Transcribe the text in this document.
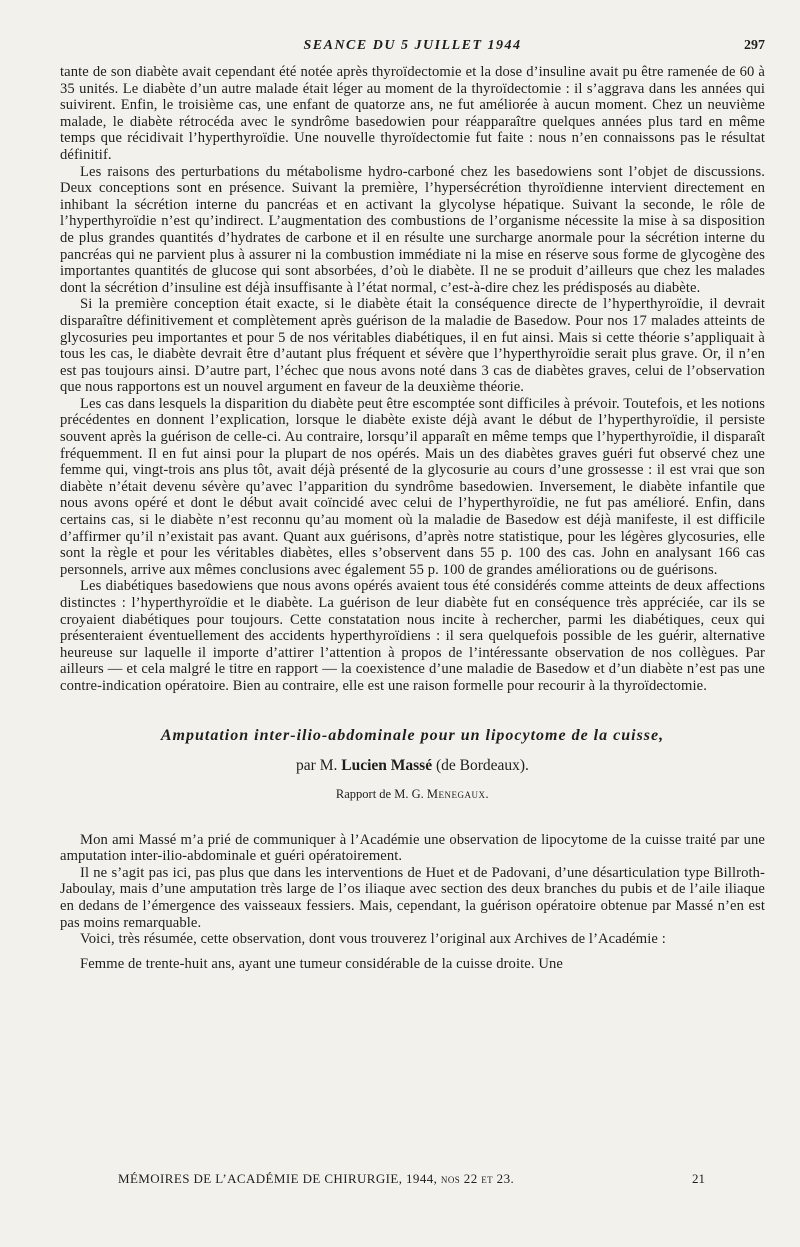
SEANCE DU 5 JUILLET 1944	297

tante de son diabète avait cependant été notée après thyroïdectomie et la dose d’insuline avait pu être ramenée de 60 à 35 unités. Le diabète d’un autre malade était léger au moment de la thyroïdectomie : il s’aggrava dans les années qui suivirent. Enfin, le troisième cas, une enfant de quatorze ans, ne fut améliorée à aucun moment. Chez un neuvième malade, le diabète rétrocéda avec le syndrôme basedowien pour réapparaître quelques années plus tard en même temps que récidivait l’hyperthyroïdie. Une nouvelle thyroïdectomie fut faite : nous n’en connaissons pas le résultat définitif.

Les raisons des perturbations du métabolisme hydro-carboné chez les basedowiens sont l’objet de discussions. Deux conceptions sont en présence. Suivant la première, l’hypersécrétion thyroïdienne intervient directement en inhibant la sécrétion interne du pancréas et en activant la glycolyse hépatique. Suivant la seconde, le rôle de l’hyperthyroïdie n’est qu’indirect. L’augmentation des combustions de l’organisme nécessite la mise à sa disposition de plus grandes quantités d’hydrates de carbone et il en résulte une surcharge anormale pour la sécrétion interne du pancréas qui ne parvient plus à assurer ni la combustion immédiate ni la mise en réserve sous forme de glycogène des importantes quantités de glucose qui sont absorbées, d’où le diabète. Il ne se produit d’ailleurs que chez les malades dont la sécrétion d’insuline est déjà insuffisante à l’état normal, c’est-à-dire chez les prédisposés au diabète.

Si la première conception était exacte, si le diabète était la conséquence directe de l’hyperthyroïdie, il devrait disparaître définitivement et complètement après guérison de la maladie de Basedow. Pour nos 17 malades atteints de glycosuries peu importantes et pour 5 de nos véritables diabétiques, il en fut ainsi. Mais si cette théorie s’appliquait à tous les cas, le diabète devrait être d’autant plus fréquent et sévère que l’hyperthyroïdie serait plus grave. Or, il n’en est pas toujours ainsi. D’autre part, l’échec que nous avons noté dans 3 cas de diabètes graves, celui de l’observation que nous rapportons est un nouvel argument en faveur de la deuxième théorie.

Les cas dans lesquels la disparition du diabète peut être escomptée sont difficiles à prévoir. Toutefois, et les notions précédentes en donnent l’explication, lorsque le diabète existe déjà avant le début de l’hyperthyroïdie, il persiste souvent après la guérison de celle-ci. Au contraire, lorsqu’il apparaît en même temps que l’hyperthyroïdie, il disparaît fréquemment. Il en fut ainsi pour la plupart de nos opérés. Mais un des diabètes graves guéri fut observé chez une femme qui, vingt-trois ans plus tôt, avait déjà présenté de la glycosurie au cours d’une grossesse : il est vrai que son diabète n’était devenu sévère qu’avec l’apparition du syndrôme basedowien. Inversement, le diabète infantile que nous avons opéré et dont le début avait coïncidé avec celui de l’hyperthyroïdie, ne fut pas amélioré. Enfin, dans certains cas, si le diabète n’est reconnu qu’au moment où la maladie de Basedow est déjà manifeste, il est difficile d’affirmer qu’il n’existait pas avant. Quant aux guérisons, d’après notre statistique, pour les légères glycosuries, elle sont la règle et pour les véritables diabètes, elles s’observent dans 55 p. 100 des cas. John en analysant 166 cas personnels, arrive aux mêmes conclusions avec également 55 p. 100 de grandes améliorations ou de guérisons.

Les diabétiques basedowiens que nous avons opérés avaient tous été considérés comme atteints de deux affections distinctes : l’hyperthyroïdie et le diabète. La guérison de leur diabète fut en conséquence très appréciée, car ils se croyaient diabétiques pour toujours. Cette constatation nous incite à rechercher, parmi les diabétiques, ceux qui présenteraient éventuellement des accidents hyperthyroïdiens : il sera quelquefois possible de les guérir, alternative heureuse sur laquelle il importe d’attirer l’attention à propos de l’intéressante observation de nos collègues. Par ailleurs — et cela malgré le titre en rapport — la coexistence d’une maladie de Basedow et d’un diabète n’est pas une contre-indication opératoire. Bien au contraire, elle est une raison formelle pour recourir à la thyroïdectomie.

Amputation inter-ilio-abdominale pour un lipocytome de la cuisse,

par M. Lucien Massé (de Bordeaux).

Rapport de M. G. Menegaux.

Mon ami Massé m’a prié de communiquer à l’Académie une observation de lipocytome de la cuisse traité par une amputation inter-ilio-abdominale et guéri opératoirement.

Il ne s’agit pas ici, pas plus que dans les interventions de Huet et de Padovani, d’une désarticulation type Billroth-Jaboulay, mais d’une amputation très large de l’os iliaque avec section des deux branches du pubis et de l’aile iliaque en dedans de l’émergence des vaisseaux fessiers. Mais, cependant, la guérison opératoire obtenue par Massé n’en est pas moins remarquable.

Voici, très résumée, cette observation, dont vous trouverez l’original aux Archives de l’Académie :

Femme de trente-huit ans, ayant une tumeur considérable de la cuisse droite. Une

MÉMOIRES DE L’ACADÉMIE DE CHIRURGIE, 1944, nos 22 et 23.	21
